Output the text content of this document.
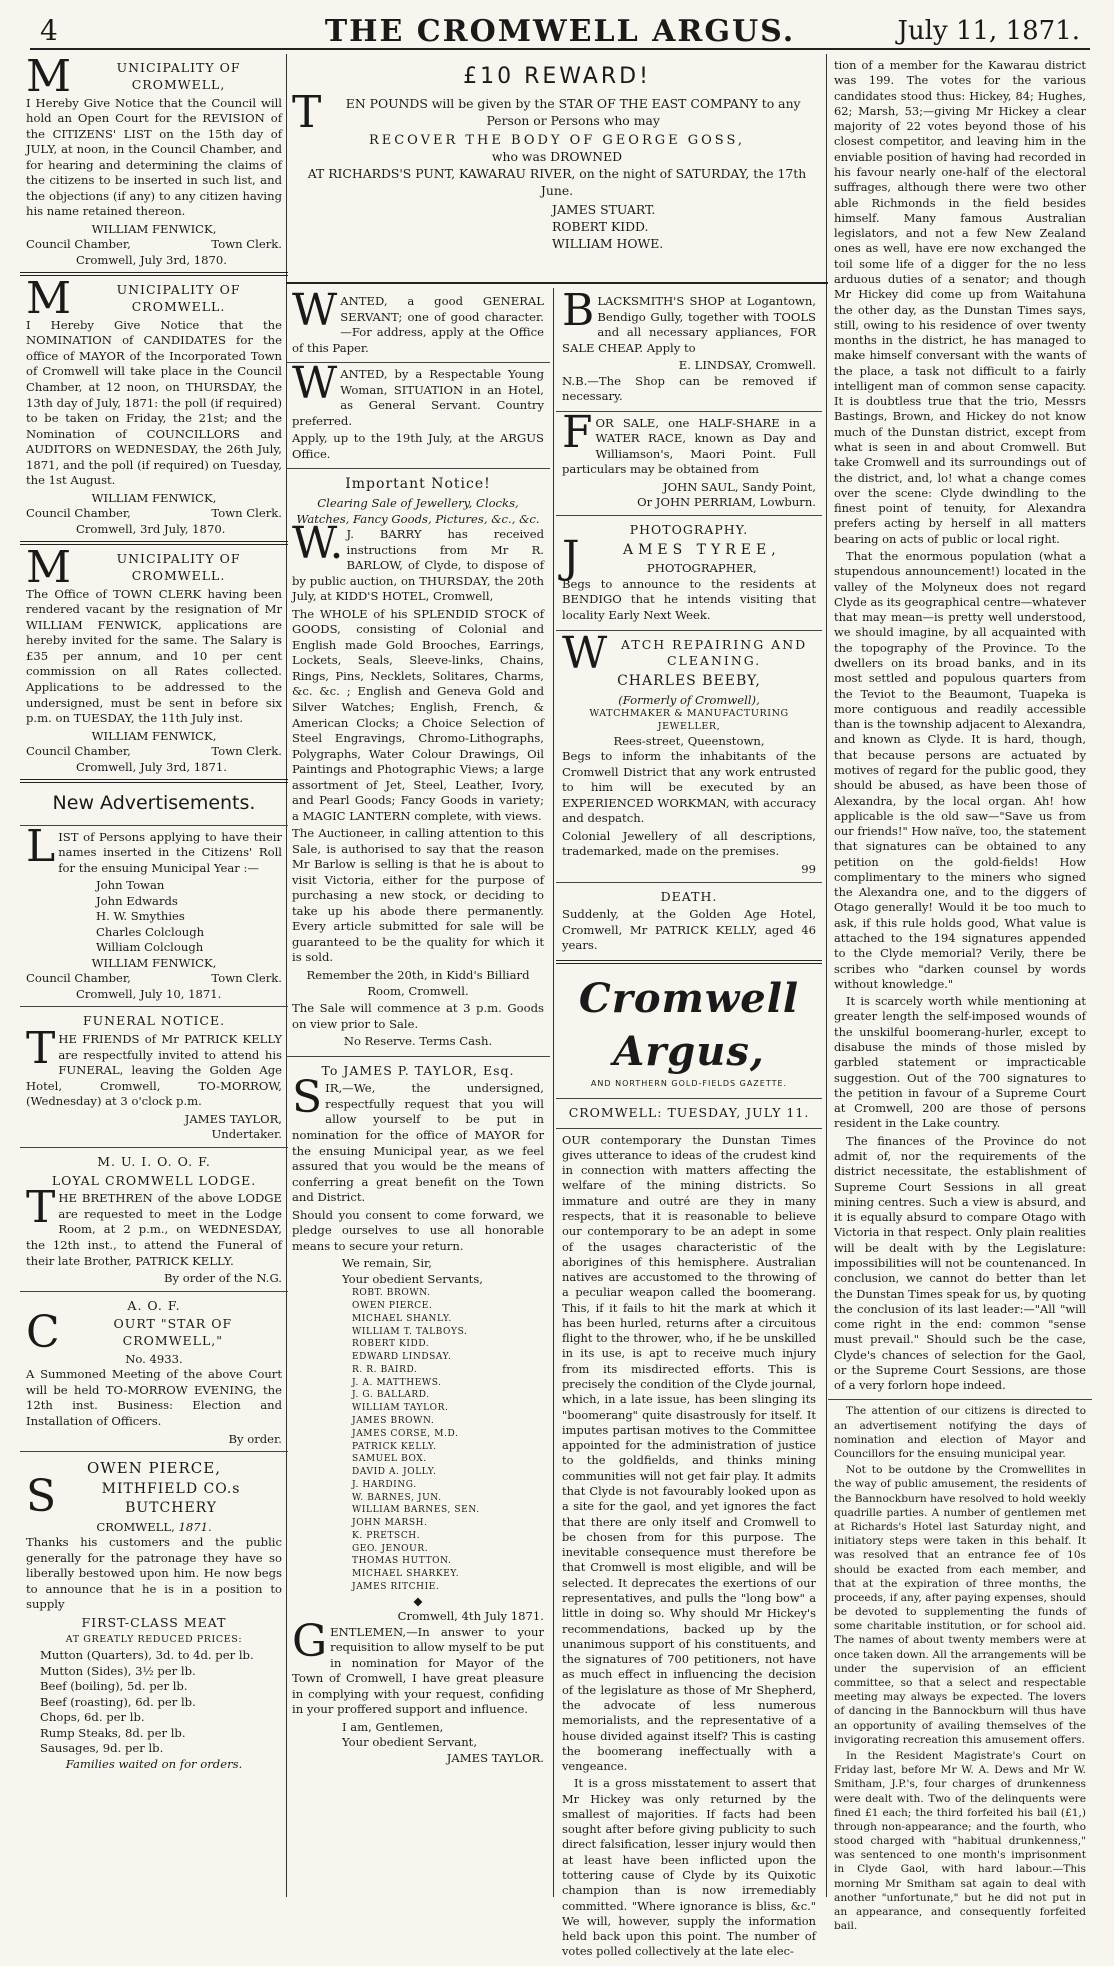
4	THE CROMWELL ARGUS.	July 11, 1871.
MUNICIPALITY OF CROMWELL,

I Hereby Give Notice that the Council will hold an Open Court for the REVISION of the CITIZENS' LIST on the 15th day of JULY, at noon, in the Council Chamber, and for hearing and determining the claims of the citizens to be inserted in such list, and the objections (if any) to any citizen having his name retained thereon.

WILLIAM FENWICK,
Council Chamber,	Town Clerk.
Cromwell, July 3rd, 1870.
MUNICIPALITY OF CROMWELL.

I Hereby Give Notice that the NOMINATION of CANDIDATES for the office of MAYOR of the Incorporated Town of Cromwell will take place in the Council Chamber, at 12 noon, on THURSDAY, the 13th day of July, 1871: the poll (if required) to be taken on Friday, the 21st; and the Nomination of COUNCILLORS and AUDITORS on WEDNESDAY, the 26th July, 1871, and the poll (if required) on Tuesday, the 1st August.

WILLIAM FENWICK,
Council Chamber,	Town Clerk.
Cromwell, 3rd July, 1870.
MUNICIPALITY OF CROMWELL.

The Office of TOWN CLERK having been rendered vacant by the resignation of Mr WILLIAM FENWICK, applications are hereby invited for the same. The Salary is £35 per annum, and 10 per cent commission on all Rates collected. Applications to be addressed to the undersigned, must be sent in before six p.m. on TUESDAY, the 11th July inst.

WILLIAM FENWICK,
Council Chamber,	Town Clerk.
Cromwell, July 3rd, 1871.
New Advertisements.

LIST of Persons applying to have their names inserted in the Citizens' Roll for the ensuing Municipal Year :—

John Towan
John Edwards
H. W. Smythies
Charles Colclough
William Colclough
WILLIAM FENWICK,
Council Chamber,	Town Clerk.
Cromwell, July 10, 1871.
FUNERAL NOTICE.

THE FRIENDS of Mr PATRICK KELLY are respectfully invited to attend his FUNERAL, leaving the Golden Age Hotel, Cromwell, TO-MORROW, (Wednesday) at 3 o'clock p.m.

JAMES TAYLOR,
Undertaker.
M. U. I. O. O. F.
LOYAL CROMWELL LODGE.

THE BRETHREN of the above LODGE are requested to meet in the Lodge Room, at 2 p.m., on WEDNESDAY, the 12th inst., to attend the Funeral of their late Brother, PATRICK KELLY.

By order of the N.G.
A. O. F.
COURT "STAR OF CROMWELL,"
No. 4933.

A Summoned Meeting of the above Court will be held TO-MORROW EVENING, the 12th inst. Business: Election and Installation of Officers.

By order.
OWEN PIERCE,
SMITHFIELD CO.s BUTCHERY
CROMWELL, 1871.

Thanks his customers and the public generally for the patronage they have so liberally bestowed upon him. He now begs to announce that he is in a position to supply

FIRST-CLASS MEAT
AT GREATLY REDUCED PRICES:
Mutton (Quarters), 3d. to 4d. per lb.
Mutton (Sides), 3½ per lb.
Beef (boiling), 5d. per lb.
Beef (roasting), 6d. per lb.
Chops, 6d. per lb.
Rump Steaks, 8d. per lb.
Sausages, 9d. per lb.
Families waited on for orders.
£10 REWARD!

TEN POUNDS will be given by the STAR OF THE EAST COMPANY to any Person or Persons who may

RECOVER THE BODY OF GEORGE GOSS,
who was DROWNED

AT RICHARDS'S PUNT, KAWARAU RIVER, on the night of SATURDAY, the 17th June.

JAMES STUART.
ROBERT KIDD.
WILLIAM HOWE.

WANTED, a good GENERAL SERVANT; one of good character.—For address, apply at the Office of this Paper.

WANTED, by a Respectable Young Woman, SITUATION in an Hotel, as General Servant. Country preferred.

Apply, up to the 19th July, at the ARGUS Office.

Important Notice!
Clearing Sale of Jewellery, Clocks, Watches, Fancy Goods, Pictures, &c., &c.

W.J. BARRY has received instructions from Mr R. BARLOW, of Clyde, to dispose of by public auction, on THURSDAY, the 20th July, at KIDD'S HOTEL, Cromwell,

The WHOLE of his SPLENDID STOCK of GOODS, consisting of Colonial and English made Gold Brooches, Earrings, Lockets, Seals, Sleeve-links, Chains, Rings, Pins, Necklets, Solitares, Charms, &c. &c. ; English and Geneva Gold and Silver Watches; English, French, & American Clocks; a Choice Selection of Steel Engravings, Chromo-Lithographs, Polygraphs, Water Colour Drawings, Oil Paintings and Photographic Views; a large assortment of Jet, Steel, Leather, Ivory, and Pearl Goods; Fancy Goods in variety; a MAGIC LANTERN complete, with views.

The Auctioneer, in calling attention to this Sale, is authorised to say that the reason Mr Barlow is selling is that he is about to visit Victoria, either for the purpose of purchasing a new stock, or deciding to take up his abode there permanently. Every article submitted for sale will be guaranteed to be the quality for which it is sold.

Remember the 20th, in Kidd's Billiard Room, Cromwell.

The Sale will commence at 3 p.m. Goods on view prior to Sale.

No Reserve. Terms Cash.

To JAMES P. TAYLOR, Esq.

SIR,—We, the undersigned, respectfully request that you will allow yourself to be put in nomination for the office of MAYOR for the ensuing Municipal year, as we feel assured that you would be the means of conferring a great benefit on the Town and District.

Should you consent to come forward, we pledge ourselves to use all honorable means to secure your return.

We remain, Sir,
Your obedient Servants,
ROBT. BROWN.
OWEN PIERCE.
MICHAEL SHANLY.
WILLIAM T. TALBOYS.
ROBERT KIDD.
EDWARD LINDSAY.
R. R. BAIRD.
J. A. MATTHEWS.
J. G. BALLARD.
WILLIAM TAYLOR.
JAMES BROWN.
JAMES CORSE, M.D.
PATRICK KELLY.
SAMUEL BOX.
DAVID A. JOLLY.
J. HARDING.
W. BARNES, JUN.
WILLIAM BARNES, SEN.
JOHN MARSH.
K. PRETSCH.
GEO. JENOUR.
THOMAS HUTTON.
MICHAEL SHARKEY.
JAMES RITCHIE.
◆
Cromwell, 4th July 1871.

GENTLEMEN,—In answer to your requisition to allow myself to be put in nomination for Mayor of the Town of Cromwell, I have great pleasure in complying with your request, confiding in your proffered support and influence.

I am, Gentlemen,
Your obedient Servant,
JAMES TAYLOR.

BLACKSMITH'S SHOP at Logantown, Bendigo Gully, together with TOOLS and all necessary appliances, FOR SALE CHEAP. Apply to

E. LINDSAY, Cromwell.

N.B.—The Shop can be removed if necessary.

FOR SALE, one HALF-SHARE in a WATER RACE, known as Day and Williamson's, Maori Point. Full particulars may be obtained from

JOHN SAUL, Sandy Point,
Or JOHN PERRIAM, Lowburn.
PHOTOGRAPHY.
JAMES TYREE,
PHOTOGRAPHER,

Begs to announce to the residents at BENDIGO that he intends visiting that locality Early Next Week.

WATCH REPAIRING AND CLEANING.
CHARLES BEEBY,
(Formerly of Cromwell),
WATCHMAKER & MANUFACTURING JEWELLER,
Rees-street, Queenstown,

Begs to inform the inhabitants of the Cromwell District that any work entrusted to him will be executed by an EXPERIENCED WORKMAN, with accuracy and despatch.

Colonial Jewellery of all descriptions, trademarked, made on the premises.

99
DEATH.

Suddenly, at the Golden Age Hotel, Cromwell, Mr PATRICK KELLY, aged 46 years.

Cromwell Argus,
AND NORTHERN GOLD-FIELDS GAZETTE.
CROMWELL: TUESDAY, JULY 11.

OUR contemporary the Dunstan Times gives utterance to ideas of the crudest kind in connection with matters affecting the welfare of the mining districts. So immature and outré are they in many respects, that it is reasonable to believe our contemporary to be an adept in some of the usages characteristic of the aborigines of this hemisphere. Australian natives are accustomed to the throwing of a peculiar weapon called the boomerang. This, if it fails to hit the mark at which it has been hurled, returns after a circuitous flight to the thrower, who, if he be unskilled in its use, is apt to receive much injury from its misdirected efforts. This is precisely the condition of the Clyde journal, which, in a late issue, has been slinging its "boomerang" quite disastrously for itself. It imputes partisan motives to the Committee appointed for the administration of justice to the goldfields, and thinks mining communities will not get fair play. It admits that Clyde is not favourably looked upon as a site for the gaol, and yet ignores the fact that there are only itself and Cromwell to be chosen from for this purpose. The inevitable consequence must therefore be that Cromwell is most eligible, and will be selected. It deprecates the exertions of our representatives, and pulls the "long bow" a little in doing so. Why should Mr Hickey's recommendations, backed up by the unanimous support of his constituents, and the signatures of 700 petitioners, not have as much effect in influencing the decision of the legislature as those of Mr Shepherd, the advocate of less numerous memorialists, and the representative of a house divided against itself? This is casting the boomerang ineffectually with a vengeance.

It is a gross misstatement to assert that Mr Hickey was only returned by the smallest of majorities. If facts had been sought after before giving publicity to such direct falsification, lesser injury would then at least have been inflicted upon the tottering cause of Clyde by its Quixotic champion than is now irremediably committed. "Where ignorance is bliss, &c." We will, however, supply the information held back upon this point. The number of votes polled collectively at the late elec-

tion of a member for the Kawarau district was 199. The votes for the various candidates stood thus: Hickey, 84; Hughes, 62; Marsh, 53;—giving Mr Hickey a clear majority of 22 votes beyond those of his closest competitor, and leaving him in the enviable position of having had recorded in his favour nearly one-half of the electoral suffrages, although there were two other able Richmonds in the field besides himself. Many famous Australian legislators, and not a few New Zealand ones as well, have ere now exchanged the toil some life of a digger for the no less arduous duties of a senator; and though Mr Hickey did come up from Waitahuna the other day, as the Dunstan Times says, still, owing to his residence of over twenty months in the district, he has managed to make himself conversant with the wants of the place, a task not difficult to a fairly intelligent man of common sense capacity. It is doubtless true that the trio, Messrs Bastings, Brown, and Hickey do not know much of the Dunstan district, except from what is seen in and about Cromwell. But take Cromwell and its surroundings out of the district, and, lo! what a change comes over the scene: Clyde dwindling to the finest point of tenuity, for Alexandra prefers acting by herself in all matters bearing on acts of public or local right.

That the enormous population (what a stupendous announcement!) located in the valley of the Molyneux does not regard Clyde as its geographical centre—whatever that may mean—is pretty well understood, we should imagine, by all acquainted with the topography of the Province. To the dwellers on its broad banks, and in its most settled and populous quarters from the Teviot to the Beaumont, Tuapeka is more contiguous and readily accessible than is the township adjacent to Alexandra, and known as Clyde. It is hard, though, that because persons are actuated by motives of regard for the public good, they should be abused, as have been those of Alexandra, by the local organ. Ah! how applicable is the old saw—"Save us from our friends!" How naïve, too, the statement that signatures can be obtained to any petition on the gold-fields! How complimentary to the miners who signed the Alexandra one, and to the diggers of Otago generally! Would it be too much to ask, if this rule holds good, What value is attached to the 194 signatures appended to the Clyde memorial? Verily, there be scribes who "darken counsel by words without knowledge."

It is scarcely worth while mentioning at greater length the self-imposed wounds of the unskilful boomerang-hurler, except to disabuse the minds of those misled by garbled statement or impracticable suggestion. Out of the 700 signatures to the petition in favour of a Supreme Court at Cromwell, 200 are those of persons resident in the Lake country.

The finances of the Province do not admit of, nor the requirements of the district necessitate, the establishment of Supreme Court Sessions in all great mining centres. Such a view is absurd, and it is equally absurd to compare Otago with Victoria in that respect. Only plain realities will be dealt with by the Legislature: impossibilities will not be countenanced. In conclusion, we cannot do better than let the Dunstan Times speak for us, by quoting the conclusion of its last leader:—"All "will come right in the end: common "sense must prevail." Should such be the case, Clyde's chances of selection for the Gaol, or the Supreme Court Sessions, are those of a very forlorn hope indeed.

The attention of our citizens is directed to an advertisement notifying the days of nomination and election of Mayor and Councillors for the ensuing municipal year.

Not to be outdone by the Cromwellites in the way of public amusement, the residents of the Bannockburn have resolved to hold weekly quadrille parties. A number of gentlemen met at Richards's Hotel last Saturday night, and initiatory steps were taken in this behalf. It was resolved that an entrance fee of 10s should be exacted from each member, and that at the expiration of three months, the proceeds, if any, after paying expenses, should be devoted to supplementing the funds of some charitable institution, or for school aid. The names of about twenty members were at once taken down. All the arrangements will be under the supervision of an efficient committee, so that a select and respectable meeting may always be expected. The lovers of dancing in the Bannockburn will thus have an opportunity of availing themselves of the invigorating recreation this amusement offers.

In the Resident Magistrate's Court on Friday last, before Mr W. A. Dews and Mr W. Smitham, J.P.'s, four charges of drunkenness were dealt with. Two of the delinquents were fined £1 each; the third forfeited his bail (£1,) through non-appearance; and the fourth, who stood charged with "habitual drunkenness," was sentenced to one month's imprisonment in Clyde Gaol, with hard labour.—This morning Mr Smitham sat again to deal with another "unfortunate," but he did not put in an appearance, and consequently forfeited bail.
